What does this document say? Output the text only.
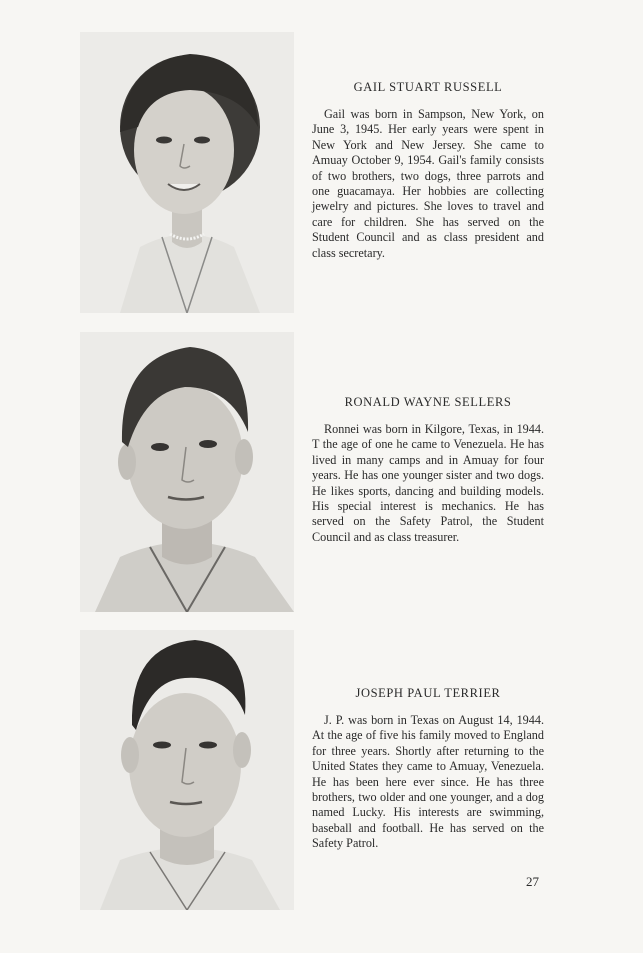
GAIL STUART RUSSELL

Gail was born in Sampson, New York, on June 3, 1945. Her early years were spent in New York and New Jersey. She came to Amuay October 9, 1954. Gail's family consists of two brothers, two dogs, three parrots and one guacamaya. Her hobbies are collecting jewelry and pictures. She loves to travel and care for children. She has served on the Student Council and as class president and class secretary.

RONALD WAYNE SELLERS

Ronnei was born in Kilgore, Texas, in 1944. T the age of one he came to Venezuela. He has lived in many camps and in Amuay for four years. He has one younger sister and two dogs. He likes sports, dancing and building models. His special interest is mechanics. He has served on the Safety Patrol, the Student Council and as class treasurer.

JOSEPH PAUL TERRIER

J. P. was born in Texas on August 14, 1944. At the age of five his family moved to England for three years. Shortly after returning to the United States they came to Amuay, Venezuela. He has been here ever since. He has three brothers, two older and one younger, and a dog named Lucky. His interests are swimming, baseball and football. He has served on the Safety Patrol.

27
